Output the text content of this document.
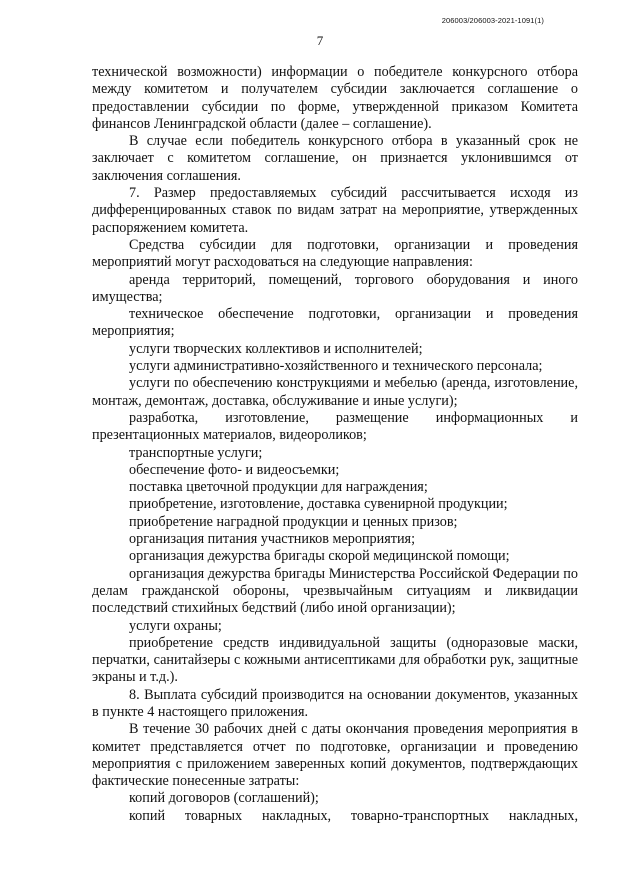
206003/206003-2021-1091(1)
7

технической возможности) информации о победителе конкурсного отбора между комитетом и получателем субсидии заключается соглашение о предоставлении субсидии по форме, утвержденной приказом Комитета финансов Ленинградской области (далее – соглашение).

В случае если победитель конкурсного отбора в указанный срок не заключает с комитетом соглашение, он признается уклонившимся от заключения соглашения.

7. Размер предоставляемых субсидий рассчитывается исходя из дифференцированных ставок по видам затрат на мероприятие, утвержденных распоряжением комитета.

Средства субсидии для подготовки, организации и проведения мероприятий могут расходоваться на следующие направления:

аренда территорий, помещений, торгового оборудования и иного имущества;

техническое обеспечение подготовки, организации и проведения мероприятия;

услуги творческих коллективов и исполнителей;

услуги административно-хозяйственного и технического персонала;

услуги по обеспечению конструкциями и мебелью (аренда, изготовление, монтаж, демонтаж, доставка, обслуживание и иные услуги);

разработка, изготовление, размещение информационных и презентационных материалов, видеороликов;

транспортные услуги;

обеспечение фото- и видеосъемки;

поставка цветочной продукции для награждения;

приобретение, изготовление, доставка сувенирной продукции;

приобретение наградной продукции и ценных призов;

организация питания участников мероприятия;

организация дежурства бригады скорой медицинской помощи;

организация дежурства бригады Министерства Российской Федерации по делам гражданской обороны, чрезвычайным ситуациям и ликвидации последствий стихийных бедствий (либо иной организации);

услуги охраны;

приобретение средств индивидуальной защиты (одноразовые маски, перчатки, санитайзеры с кожными антисептиками для обработки рук, защитные экраны и т.д.).

8. Выплата субсидий производится на основании документов, указанных в пункте 4 настоящего приложения.

В течение 30 рабочих дней с даты окончания проведения мероприятия в комитет представляется отчет по подготовке, организации и проведению мероприятия с приложением заверенных копий документов, подтверждающих фактические понесенные затраты:

копий договоров (соглашений);

копий товарных накладных, товарно-транспортных накладных,
